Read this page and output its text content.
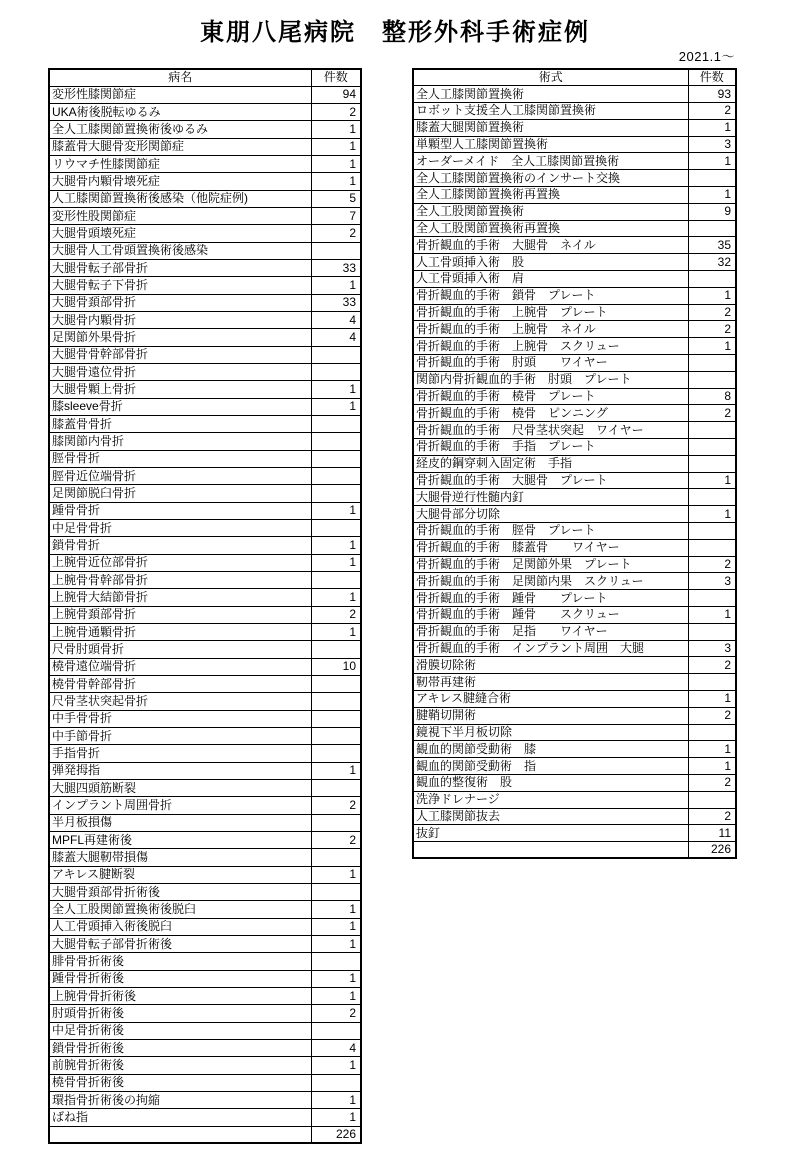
東朋八尾病院　整形外科手術症例
2021.1～
病名	件数
変形性膝関節症	94
UKA術後脱転ゆるみ	2
全人工膝関節置換術後ゆるみ	1
膝蓋骨大腿骨変形関節症	1
リウマチ性膝関節症	1
大腿骨内顆骨壊死症	1
人工膝関節置換術後感染（他院症例)	5
変形性股関節症	7
大腿骨頭壊死症	2
大腿骨人工骨頭置換術後感染	
大腿骨転子部骨折	33
大腿骨転子下骨折	1
大腿骨頚部骨折	33
大腿骨内顆骨折	4
足関節外果骨折	4
大腿骨骨幹部骨折	
大腿骨遠位骨折	
大腿骨顆上骨折	1
膝sleeve骨折	1
膝蓋骨骨折	
膝関節内骨折	
脛骨骨折	
脛骨近位端骨折	
足関節脱臼骨折	
踵骨骨折	1
中足骨骨折	
鎖骨骨折	1
上腕骨近位部骨折	1
上腕骨骨幹部骨折	
上腕骨大結節骨折	1
上腕骨頚部骨折	2
上腕骨通顆骨折	1
尺骨肘頭骨折	
橈骨遠位端骨折	10
橈骨骨幹部骨折	
尺骨茎状突起骨折	
中手骨骨折	
中手節骨折	
手指骨折	
弾発拇指	1
大腿四頭筋断裂	
インプラント周囲骨折	2
半月板損傷	
MPFL再建術後	2
膝蓋大腿靭帯損傷	
アキレス腱断裂	1
大腿骨頚部骨折術後	
全人工股関節置換術後脱臼	1
人工骨頭挿入術後脱臼	1
大腿骨転子部骨折術後	1
腓骨骨折術後	
踵骨骨折術後	1
上腕骨骨折術後	1
肘頭骨折術後	2
中足骨折術後	
鎖骨骨折術後	4
前腕骨折術後	1
橈骨骨折術後	
環指骨折術後の拘縮	1
ばね指	1
	226
術式	件数
全人工膝関節置換術	93
ロボット支援全人工膝関節置換術	2
膝蓋大腿関節置換術	1
単顆型人工膝関節置換術	3
オーダーメイド　全人工膝関節置換術	1
全人工膝関節置換術のインサート交換	
全人工膝関節置換術再置換	1
全人工股関節置換術	9
全人工股関節置換術再置換	
骨折観血的手術　大腿骨　ネイル	35
人工骨頭挿入術　股	32
人工骨頭挿入術　肩	
骨折観血的手術　鎖骨　プレート	1
骨折観血的手術　上腕骨　プレート	2
骨折観血的手術　上腕骨　ネイル	2
骨折観血的手術　上腕骨　スクリュー	1
骨折観血的手術　肘頭　　ワイヤー	
関節内骨折観血的手術　肘頭　プレート	
骨折観血的手術　橈骨　プレート	8
骨折観血的手術　橈骨　ピンニング	2
骨折観血的手術　尺骨茎状突起　ワイヤー	
骨折観血的手術　手指　プレート	
経皮的鋼穿刺入固定術　手指	
骨折観血的手術　大腿骨　プレート	1
大腿骨逆行性髄内釘	
大腿骨部分切除	1
骨折観血的手術　脛骨　プレート	
骨折観血的手術　膝蓋骨　　ワイヤー	
骨折観血的手術　足関節外果　プレート	2
骨折観血的手術　足関節内果　スクリュー	3
骨折観血的手術　踵骨　　プレート	
骨折観血的手術　踵骨　　スクリュー	1
骨折観血的手術　足指　　ワイヤー	
骨折観血的手術　インプラント周囲　大腿	3
滑膜切除術	2
靭帯再建術	
アキレス腱縫合術	1
腱鞘切開術	2
鏡視下半月板切除	
観血的関節受動術　膝	1
観血的関節受動術　指	1
観血的整復術　股	2
洗浄ドレナージ	
人工膝関節抜去	2
抜釘	11
	226
